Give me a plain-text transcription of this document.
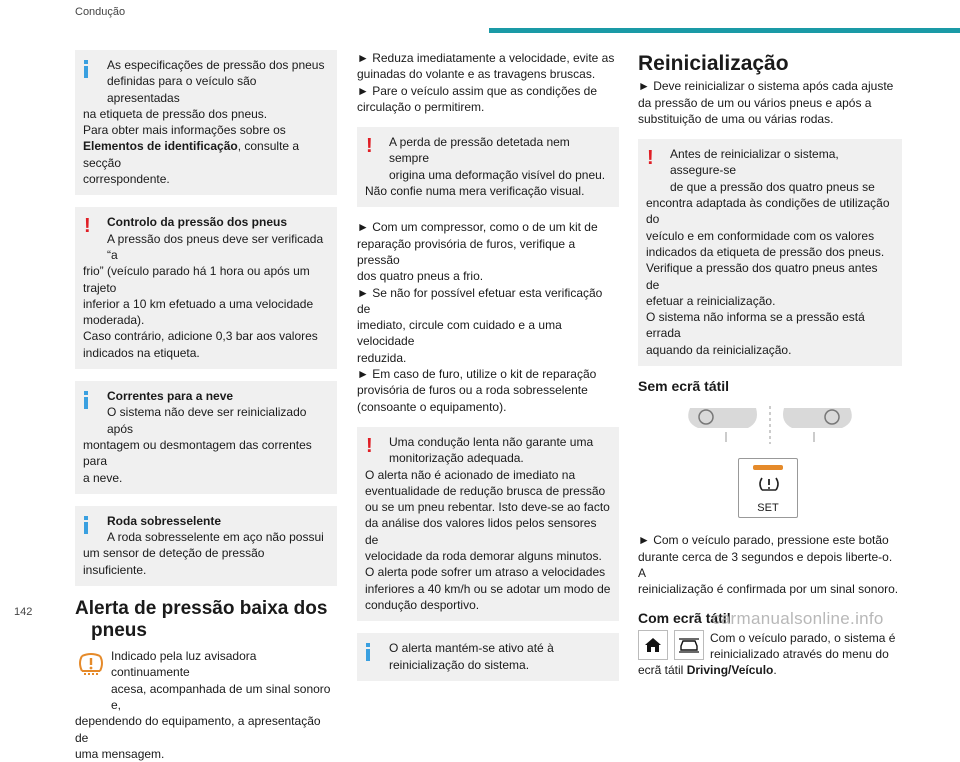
Condução

As especificações de pressão dos pneus

definidas para o veículo são apresentadas

na etiqueta de pressão dos pneus.

Para obter mais informações sobre os

Elementos de identificação, consulte a secção

correspondente.

!	Controlo da pressão dos pneus

A pressão dos pneus deve ser verificada “a

frio” (veículo parado há 1 hora ou após um trajeto

inferior a 10 km efetuado a uma velocidade

moderada).

Caso contrário, adicione 0,3 bar aos valores

indicados na etiqueta.

Correntes para a neve

O sistema não deve ser reinicializado após

montagem ou desmontagem das correntes para

a neve.

Roda sobresselente

A roda sobresselente em aço não possui

um sensor de deteção de pressão insuficiente.

Alerta de pressão baixa dos
pneus

Indicado pela luz avisadora continuamente

acesa, acompanhada de um sinal sonoro e,

dependendo do equipamento, a apresentação de

uma mensagem.

► Reduza imediatamente a velocidade, evite as

guinadas do volante e as travagens bruscas.

► Pare o veículo assim que as condições de

circulação o permitirem.

!	A perda de pressão detetada nem sempre

origina uma deformação visível do pneu.

Não confie numa mera verificação visual.

► Com um compressor, como o de um kit de

reparação provisória de furos, verifique a pressão

dos quatro pneus a frio.

► Se não for possível efetuar esta verificação de

imediato, circule com cuidado e a uma velocidade

reduzida.

► Em caso de furo, utilize o kit de reparação

provisória de furos ou a roda sobresselente

(consoante o equipamento).

!	Uma condução lenta não garante uma

monitorização adequada.

O alerta não é acionado de imediato na

eventualidade de redução brusca de pressão

ou se um pneu rebentar. Isto deve-se ao facto

da análise dos valores lidos pelos sensores de

velocidade da roda demorar alguns minutos.

O alerta pode sofrer um atraso a velocidades

inferiores a 40 km/h ou se adotar um modo de

condução desportivo.

O alerta mantém-se ativo até à

reinicialização do sistema.

Reinicialização

► Deve reinicializar o sistema após cada ajuste

da pressão de um ou vários pneus e após a

substituição de uma ou várias rodas.

!	Antes de reinicializar o sistema, assegure-se

de que a pressão dos quatro pneus se

encontra adaptada às condições de utilização do

veículo e em conformidade com os valores

indicados da etiqueta de pressão dos pneus.

Verifique a pressão dos quatro pneus antes de

efetuar a reinicialização.

O sistema não informa se a pressão está errada

aquando da reinicialização.

Sem ecrã tátil
SET

► Com o veículo parado, pressione este botão

durante cerca de 3 segundos e depois liberte-o. A

reinicialização é confirmada por um sinal sonoro.

Com ecrã tátil

Com o veículo parado, o sistema é

reinicializado através do menu do

ecrã tátil Driving/Veículo.

142	carmanualsonline.info
